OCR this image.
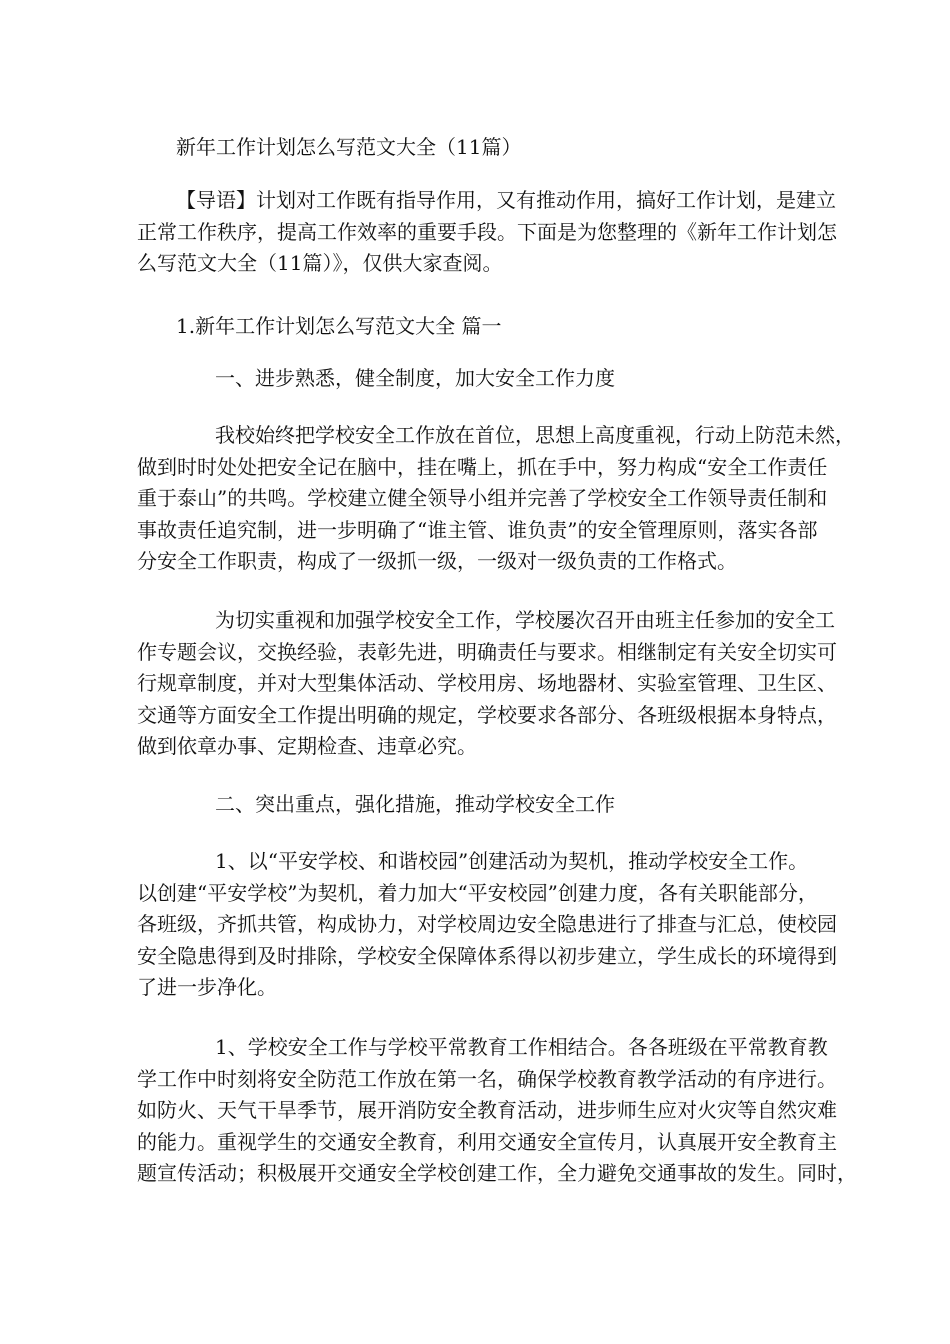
新年工作计划怎么写范文大全（11篇）

【导语】计划对工作既有指导作用，又有推动作用，搞好工作计划，是建立
正常工作秩序，提高工作效率的重要手段。下面是为您整理的《新年工作计划怎
么写范文大全（11篇）》，仅供大家查阅。

1.新年工作计划怎么写范文大全 篇一

一、进步熟悉，健全制度，加大安全工作力度

我校始终把学校安全工作放在首位，思想上高度重视，行动上防范未然，
做到时时处处把安全记在脑中，挂在嘴上，抓在手中，努力构成“安全工作责任
重于泰山”的共鸣。学校建立健全领导小组并完善了学校安全工作领导责任制和
事故责任追究制，进一步明确了“谁主管、谁负责”的安全管理原则，落实各部
分安全工作职责，构成了一级抓一级，一级对一级负责的工作格式。
为切实重视和加强学校安全工作，学校屡次召开由班主任参加的安全工
作专题会议，交换经验，表彰先进，明确责任与要求。相继制定有关安全切实可
行规章制度，并对大型集体活动、学校用房、场地器材、实验室管理、卫生区、
交通等方面安全工作提出明确的规定，学校要求各部分、各班级根据本身特点，
做到依章办事、定期检查、违章必究。

二、突出重点，强化措施，推动学校安全工作

1、以“平安学校、和谐校园”创建活动为契机，推动学校安全工作。
以创建“平安学校”为契机，着力加大“平安校园”创建力度，各有关职能部分，
各班级，齐抓共管，构成协力，对学校周边安全隐患进行了排查与汇总，使校园
安全隐患得到及时排除，学校安全保障体系得以初步建立，学生成长的环境得到
了进一步净化。
1、学校安全工作与学校平常教育工作相结合。各各班级在平常教育教
学工作中时刻将安全防范工作放在第一名，确保学校教育教学活动的有序进行。
如防火、天气干旱季节，展开消防安全教育活动，进步师生应对火灾等自然灾难
的能力。重视学生的交通安全教育，利用交通安全宣传月，认真展开安全教育主
题宣传活动；积极展开交通安全学校创建工作，全力避免交通事故的发生。同时，
